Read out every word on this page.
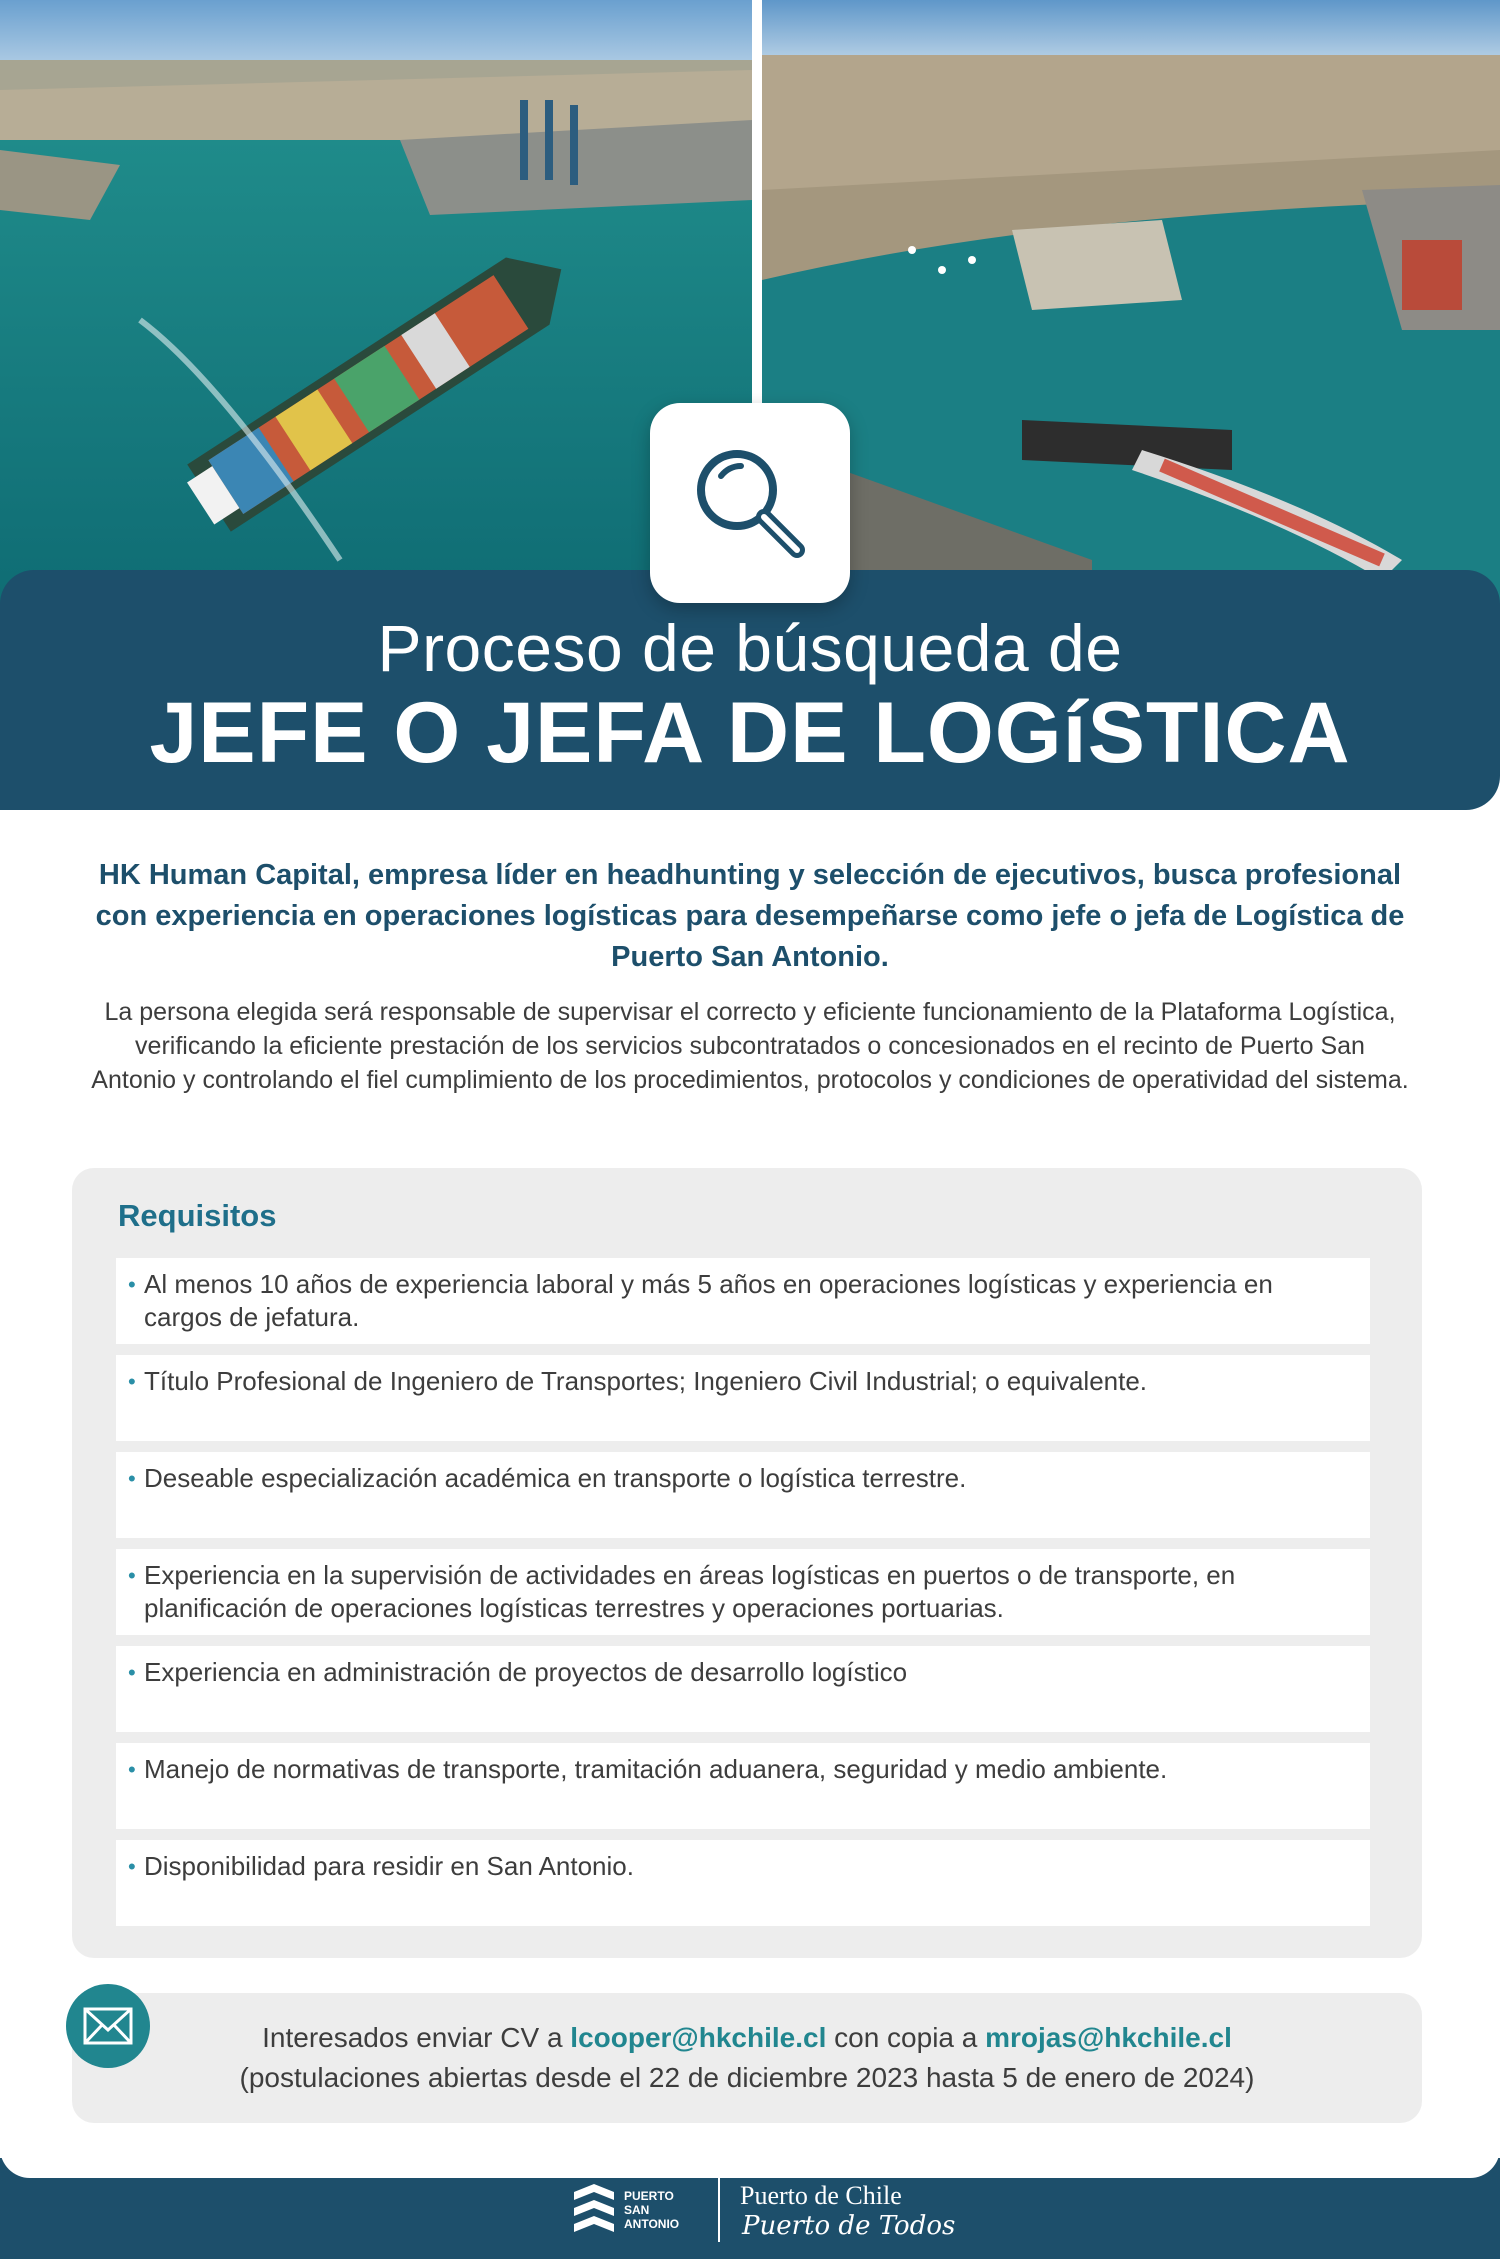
Proceso de búsqueda de
JEFE O JEFA DE LOGíSTICA
HK Human Capital, empresa líder en headhunting y selección de ejecutivos, busca profesional con experiencia en operaciones logísticas para desempeñarse como jefe o jefa de Logística de Puerto San Antonio.
La persona elegida será responsable de supervisar el correcto y eficiente funcionamiento de la Plataforma Logística, verificando la eficiente prestación de los servicios subcontratados o concesionados en el recinto de Puerto San Antonio y controlando el fiel cumplimiento de los procedimientos, protocolos y condiciones de operatividad del sistema.
Requisitos
• Al menos 10 años de experiencia laboral y más 5 años en operaciones logísticas y experiencia en cargos de jefatura.
• Título Profesional de Ingeniero de Transportes; Ingeniero Civil Industrial; o equivalente.
• Deseable especialización académica en transporte o logística terrestre.
• Experiencia en la supervisión de actividades en áreas logísticas en puertos o de transporte, en planificación de operaciones logísticas terrestres y operaciones portuarias.
• Experiencia en administración de proyectos de desarrollo logístico
• Manejo de normativas de transporte, tramitación aduanera, seguridad y medio ambiente.
• Disponibilidad para residir en San Antonio.
Interesados enviar CV a lcooper@hkchile.cl con copia a mrojas@hkchile.cl
(postulaciones abiertas desde el 22 de diciembre 2023 hasta 5 de enero de 2024)
PUERTO
SAN
ANTONIO
Puerto de Chile
Puerto de Todos
